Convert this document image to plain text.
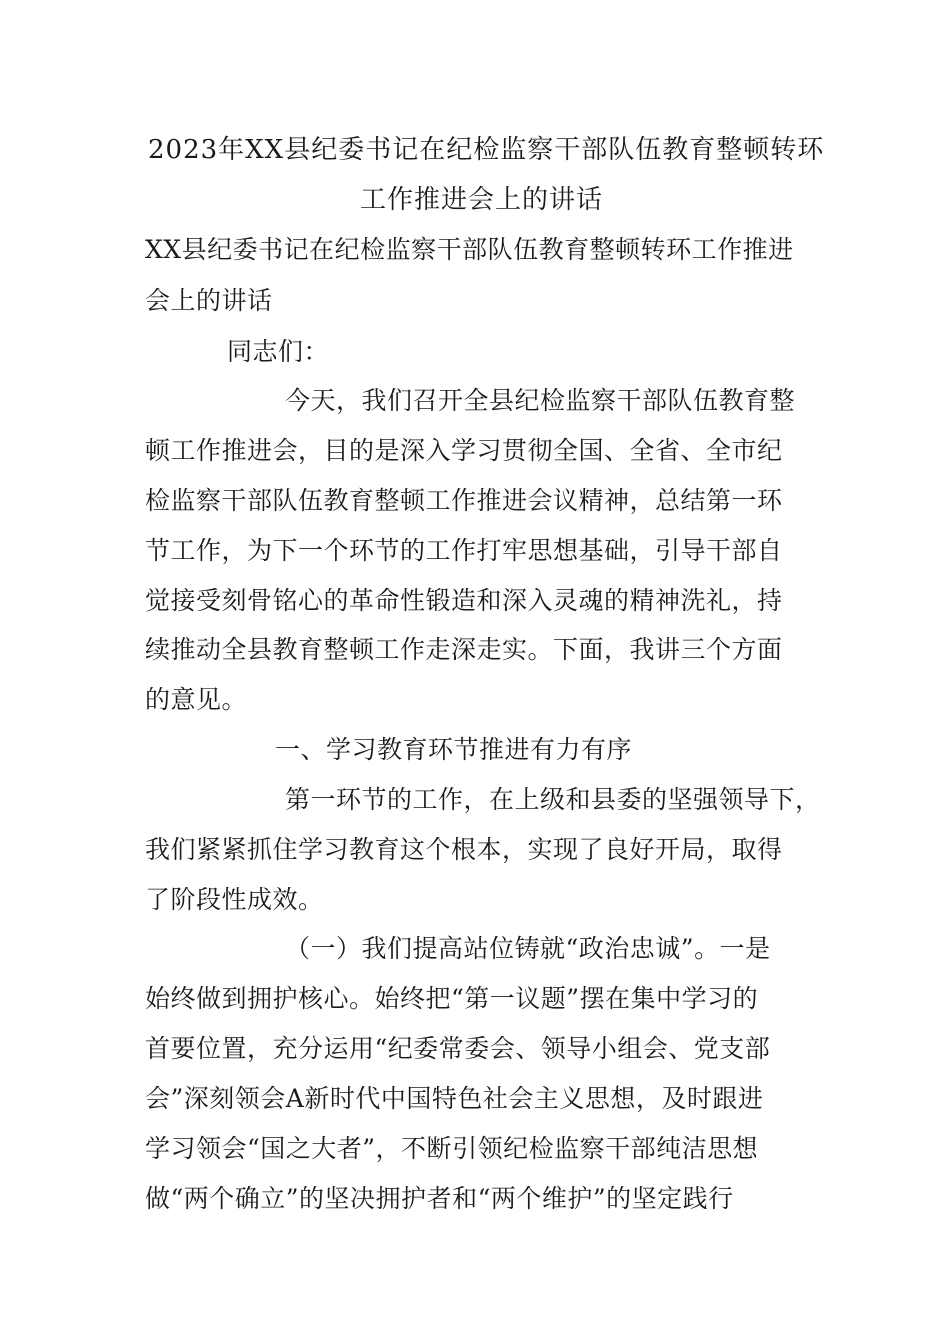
2023年XX县纪委书记在纪检监察干部队伍教育整顿转环
工作推进会上的讲话
XX县纪委书记在纪检监察干部队伍教育整顿转环工作推进
会上的讲话
同志们：
今天，我们召开全县纪检监察干部队伍教育整
顿工作推进会，目的是深入学习贯彻全国、全省、全市纪
检监察干部队伍教育整顿工作推进会议精神，总结第一环
节工作，为下一个环节的工作打牢思想基础，引导干部自
觉接受刻骨铭心的革命性锻造和深入灵魂的精神洗礼，持
续推动全县教育整顿工作走深走实。下面，我讲三个方面
的意见。
一、学习教育环节推进有力有序
第一环节的工作，在上级和县委的坚强领导下，
我们紧紧抓住学习教育这个根本，实现了良好开局，取得
了阶段性成效。
（一）我们提高站位铸就“政治忠诚”。一是
始终做到拥护核心。始终把“第一议题”摆在集中学习的
首要位置，充分运用“纪委常委会、领导小组会、党支部
会”深刻领会A新时代中国特色社会主义思想，及时跟进
学习领会“国之大者”，不断引领纪检监察干部纯洁思想
做“两个确立”的坚决拥护者和“两个维护”的坚定践行
